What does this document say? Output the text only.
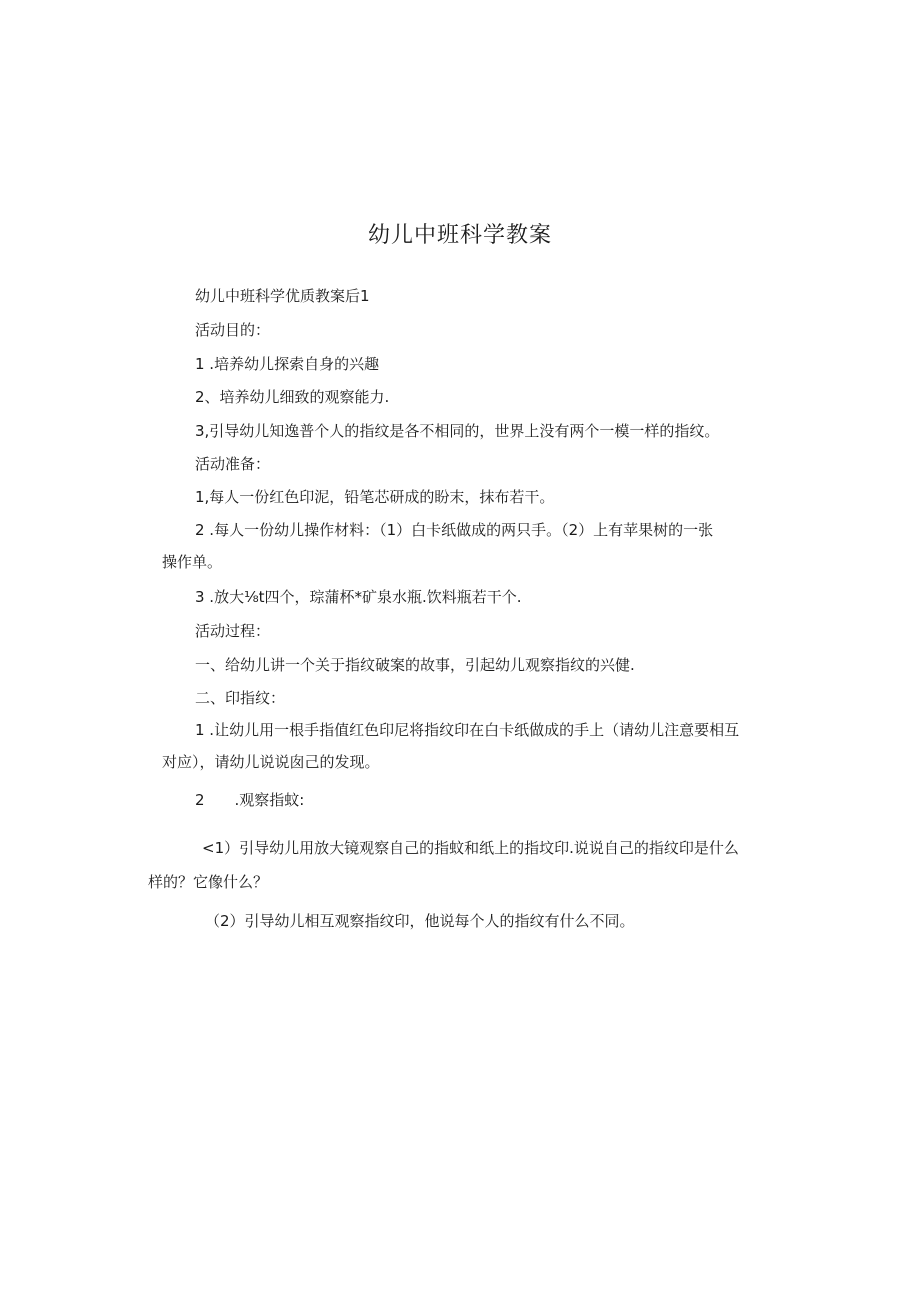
幼儿中班科学教案
幼儿中班科学优质教案后1
活动目的：
1 .培养幼儿探索自身的兴趣
2、培养幼儿细致的观察能力.
3,引导幼儿知逸普个人的指纹是各不相同的，世界上没有两个一模一样的指纹。
活动准备：
1,每人一份红色印泥，铅笔芯研成的盼末，抹布若干。
2 .每人一份幼儿操作材料：（1）白卡纸做成的两只手。（2）上有苹果树的一张
操作单。
3 .放大⅛t四个，琮蒲杯*矿泉水瓶.饮料瓶若干个.
活动过程：
一、给幼儿讲一个关于指纹破案的故事，引起幼儿观察指纹的兴健.
二、印指纹：
1 .让幼儿用一根手指值红色印尼将指纹印在白卡纸做成的手上（请幼儿注意要相互
对应），请幼儿说说囱己的发现。
2　　.观察指蚊:
<1）引导幼儿用放大镜观察自己的指蚊和纸上的指坟印.说说自己的指纹印是什么
样的？它像什么？
（2）引导幼儿相互观察指纹印，他说每个人的指纹有什么不同。
